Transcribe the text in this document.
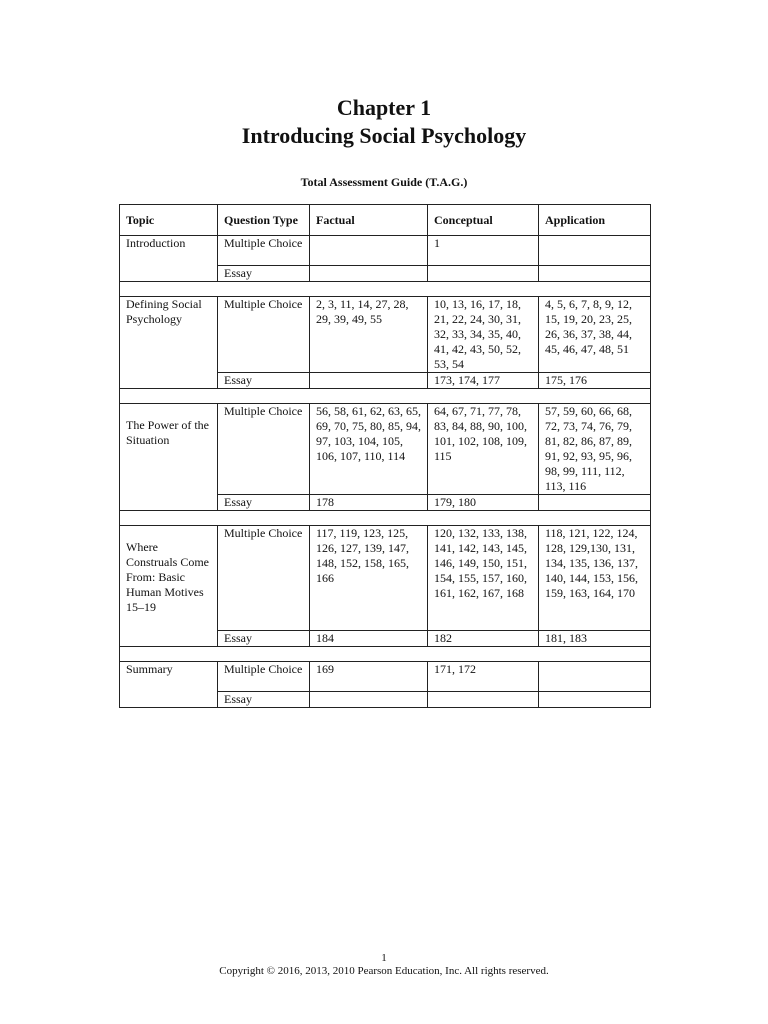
Chapter 1
Introducing Social Psychology
Total Assessment Guide (T.A.G.)
Topic	Question Type	Factual	Conceptual	Application
Introduction	Multiple Choice		1	
	Essay			

Defining Social Psychology	Multiple Choice	2, 3, 11, 14, 27, 28, 29, 39, 49, 55	10, 13, 16, 17, 18, 21, 22, 24, 30, 31, 32, 33, 34, 35, 40, 41, 42, 43, 50, 52, 53, 54	4, 5, 6, 7, 8, 9, 12, 15, 19, 20, 23, 25, 26, 36, 37, 38, 44, 45, 46, 47, 48, 51
	Essay		173, 174, 177	175, 176

The Power of the Situation	Multiple Choice	56, 58, 61, 62, 63, 65, 69, 70, 75, 80, 85, 94, 97, 103, 104, 105, 106, 107, 110, 114	64, 67, 71, 77, 78, 83, 84, 88, 90, 100, 101, 102, 108, 109, 115	57, 59, 60, 66, 68, 72, 73, 74, 76, 79, 81, 82, 86, 87, 89, 91, 92, 93, 95, 96, 98, 99, 111, 112, 113, 116
	Essay	178	179, 180	

Where Construals Come From: Basic Human Motives 15–19	Multiple Choice	117, 119, 123, 125, 126, 127, 139, 147, 148, 152, 158, 165, 166	120, 132, 133, 138, 141, 142, 143, 145, 146, 149, 150, 151, 154, 155, 157, 160, 161, 162, 167, 168	118, 121, 122, 124, 128, 129,130, 131, 134, 135, 136, 137, 140, 144, 153, 156, 159, 163, 164, 170
	Essay	184	182	181, 183

Summary	Multiple Choice	169	171, 172	
	Essay			
1
Copyright © 2016, 2013, 2010 Pearson Education, Inc. All rights reserved.
